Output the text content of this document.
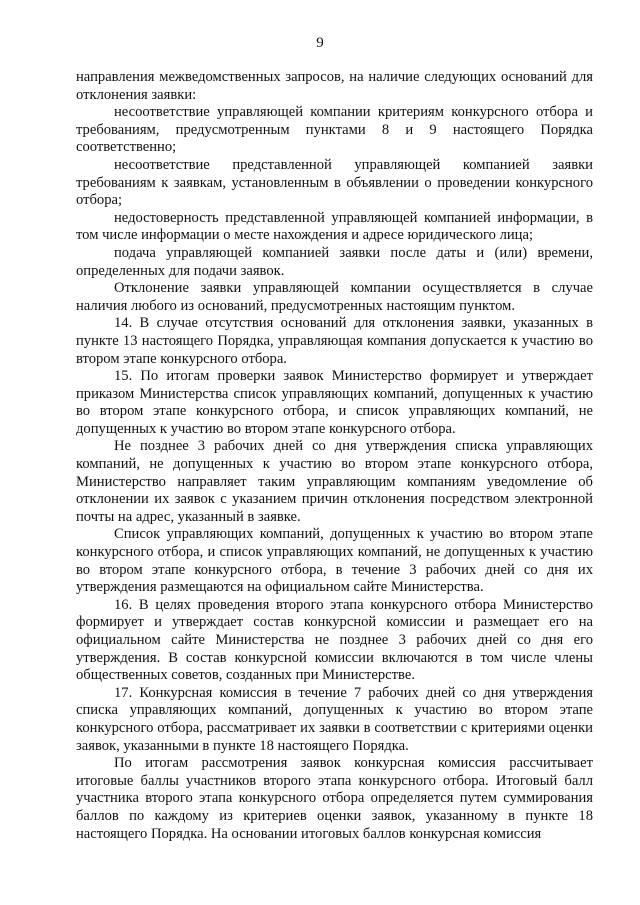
9

направления межведомственных запросов, на наличие следующих оснований для отклонения заявки:

несоответствие управляющей компании критериям конкурсного отбора и требованиям, предусмотренным пунктами 8 и 9 настоящего Порядка соответственно;

несоответствие представленной управляющей компанией заявки требованиям к заявкам, установленным в объявлении о проведении конкурсного отбора;

недостоверность представленной управляющей компанией информации, в том числе информации о месте нахождения и адресе юридического лица;

подача управляющей компанией заявки после даты и (или) времени, определенных для подачи заявок.

Отклонение заявки управляющей компании осуществляется в случае наличия любого из оснований, предусмотренных настоящим пунктом.

14. В случае отсутствия оснований для отклонения заявки, указанных в пункте 13 настоящего Порядка, управляющая компания допускается к участию во втором этапе конкурсного отбора.

15. По итогам проверки заявок Министерство формирует и утверждает приказом Министерства список управляющих компаний, допущенных к участию во втором этапе конкурсного отбора, и список управляющих компаний, не допущенных к участию во втором этапе конкурсного отбора.

Не позднее 3 рабочих дней со дня утверждения списка управляющих компаний, не допущенных к участию во втором этапе конкурсного отбора, Министерство направляет таким управляющим компаниям уведомление об отклонении их заявок с указанием причин отклонения посредством электронной почты на адрес, указанный в заявке.

Список управляющих компаний, допущенных к участию во втором этапе конкурсного отбора, и список управляющих компаний, не допущенных к участию во втором этапе конкурсного отбора, в течение 3 рабочих дней со дня их утверждения размещаются на официальном сайте Министерства.

16. В целях проведения второго этапа конкурсного отбора Министерство формирует и утверждает состав конкурсной комиссии и размещает его на официальном сайте Министерства не позднее 3 рабочих дней со дня его утверждения. В состав конкурсной комиссии включаются в том числе члены общественных советов, созданных при Министерстве.

17. Конкурсная комиссия в течение 7 рабочих дней со дня утверждения списка управляющих компаний, допущенных к участию во втором этапе конкурсного отбора, рассматривает их заявки в соответствии с критериями оценки заявок, указанными в пункте 18 настоящего Порядка.

По итогам рассмотрения заявок конкурсная комиссия рассчитывает итоговые баллы участников второго этапа конкурсного отбора. Итоговый балл участника второго этапа конкурсного отбора определяется путем суммирования баллов по каждому из критериев оценки заявок, указанному в пункте 18 настоящего Порядка. На основании итоговых баллов конкурсная комиссия
